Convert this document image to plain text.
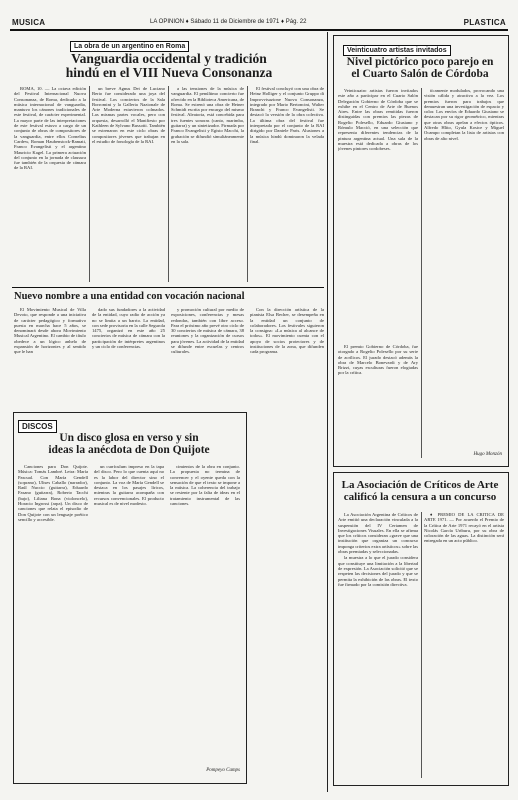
MUSICA	LA OPINION ♦ Sábado 11 de Diciembre de 1971 ♦ Pág. 22	PLASTICA
La obra de un argentino en Roma
Vanguardia occidental y tradición
hindú en el VIII Nueva Consonanza

ROMA, 10. — La octava edición del Festival Internacional Nuova Consonanza, de Roma, dedicado a la música internacional de vanguardia, mantuvo los cánones tradicionales de este festival, de carácter experimental. La mayor parte de las interpretaciones de este festival estuvo a cargo de un conjunto de obras de compositores de la vanguardia, entre ellos Cornelius Cardew, Roman Haubenstock-Ramati, Franco Evangelisti y el argentino Mauricio Kagel. La primera actuación del conjunto en la jornada de clausura fue también de la orquesta de cámara de la RAI.

un breve Agnus Dei de Luciano Berio fue considerado una joya del festival. Los conciertos de la Sala Borromini y la Galleria Nazionale de Arte Moderna estuvieron colmados. Las mismas partes vocales, pero con orquesta, desarrolló el Manifiesto por Kathleen de Sylvano Bussotti. También se estrenaron en este ciclo obras de compositores jóvenes que trabajan en el estudio de fonología de la RAI.

a las tensiones de la música de vanguardia. El penúltimo concierto fue ofrecido en la Biblioteca Americana, de Roma. Se estrenó una obra de Heiner Schmidt escrita por encargo del mismo festival. Aleatoria, está concebida para tres fuentes sonoras (canto, marimba, guitarra) y un sintetizador. Firmada por Franco Evangelisti y Egisto Macchi, la grabación se difundió simultáneamente en la sala.

El festival concluyó con una obra de Heinz Holliger y el conjunto Gruppo di Improvvisazione Nuova Consonanza, integrado por Mario Bertoncini, Walter Branchi y Franco Evangelisti. Se destacó la versión de la obra colectiva. La última obra del festival fue interpretada por el conjunto de la RAI dirigido por Daniele Paris. Alusiones a la música hindú dominaron la velada final.

Nuevo nombre a una entidad con vocación nacional

El Movimiento Musical de Villa Devoto, que responde a una iniciativa de carácter pedagógico y formativo puesta en marcha hace 5 años, se denominará desde ahora Movimiento Musical Argentino. El cambio de título obedece a un lógico anhelo de expansión de horizontes y al sentido que le han

dado sus fundadores a la actividad de la entidad, cuyo radio de acción ya no se limita a un barrio. La entidad, con sede provisoria en la calle Segurola 1475, organizó en este año 25 conciertos de música de cámara con la participación de intérpretes argentinos y un ciclo de conferencias.

y promoción cultural por medio de exposiciones, conferencias y mesas redondas, también con libre acceso. Para el próximo año prevé otro ciclo de 30 conciertos de música de cámara, 38 reuniones y la organización de cursos para jóvenes. La actividad de la entidad se difunde entre escuelas y centros culturales.

Con la dirección artística de la pianista Elsa Becher, se desempeña en la entidad un conjunto de colaboradores. Los festivales siguieron la consigna: «La música al alcance de todos». El movimiento cuenta con el apoyo de socios protectores y de instituciones de la zona, que difunden cada programa.

DISCOS
Un disco glosa en verso y sin
ideas la anécdota de Don Quijote

Canciones para Don Quijote. Música: Tomás Lambré. Letra: María Pascual. Con María Gendell (soprano), Ulises Caballo (narrador), Raúl Nuccio (guitarra), Eduardo Fasano (guitarra), Roberto Tacchi (bajo), Liliana Bona (violoncelo), Horacio Ingrossi (arpa). Un disco de canciones que relata el episodio de Don Quijote con un lenguaje poético sencillo y accesible.

un currículum impreso en la tapa del disco. Pero lo que cuenta aquí no es la labor del director sino el conjunto. La voz de María Gendell se destaca en los pasajes líricos, mientras la guitarra acompaña con recursos convencionales. El producto musical es de nivel modesto.

cimientos de la obra en conjunto. La propuesta no termina de convencer y el oyente queda con la sensación de que el texto se impone a la música. La coherencia del trabajo se resiente por la falta de ideas en el tratamiento instrumental de las canciones.

Pompeyo Camps
Veinticuatro artistas invitados
Nivel pictórico poco parejo en
el Cuarto Salón de Córdoba

Veinticuatro artistas fueron invitados este año a participar en el Cuarto Salón Delegación Gobierno de Córdoba que se exhibe en el Centro de Arte de Buenos Aires. Entre las obras remitidas fueron distinguidas con premios las piezas de Rogelio Polesello, Eduardo Giusiano y Rómulo Macció, en una selección que representa diferentes tendencias de la pintura argentina actual. Una sala de la muestra está dedicada a obras de los jóvenes pintores cordobeses.

tícamente modulados, provocando una visión cálida y atractiva a la vez. Los premios fueron para trabajos que demuestran una investigación de espacio y color. Los envíos de Eduardo Giusiano se destacan por su rigor geométrico, mientras que otras obras apelan a efectos ópticos. Alfredo Hlito, Gyula Kosice y Miguel Ocampo completan la lista de artistas con obras de alto nivel.

El premio Gobierno de Córdoba, fue otorgado a Rogelio Polesello por su serie de acrílicos. El jurado destacó además la obra de Marcelo Bonevardi y de Ary Brizzi, cuyas esculturas fueron elogiadas por la crítica.

Hugo Monzón
La Asociación de Críticos de Arte
calificó la censura a un concurso

La Asociación Argentina de Críticos de Arte emitió una declaración vinculada a la suspensión del IV Certamen de Investigaciones Visuales. En ella se afirma que los críticos consideran «grave que una institución que organiza un concurso imponga criterios extra artísticos» sobre las obras premiadas y seleccionadas.

la muestra a lo que el jurado considera que constituye una limitación a la libertad de expresión. La Asociación solicitó que se respeten las decisiones del jurado y que se permita la exhibición de las obras. El texto fue firmado por la comisión directiva.

♦ PREMIO DE LA CRITICA DE ARTE 1971. — Por acuerdo el Premio de la Crítica de Arte 1971 recayó en el artista Nicolás García Uriburu, por su obra de coloración de las aguas. La distinción será entregada en un acto público.
